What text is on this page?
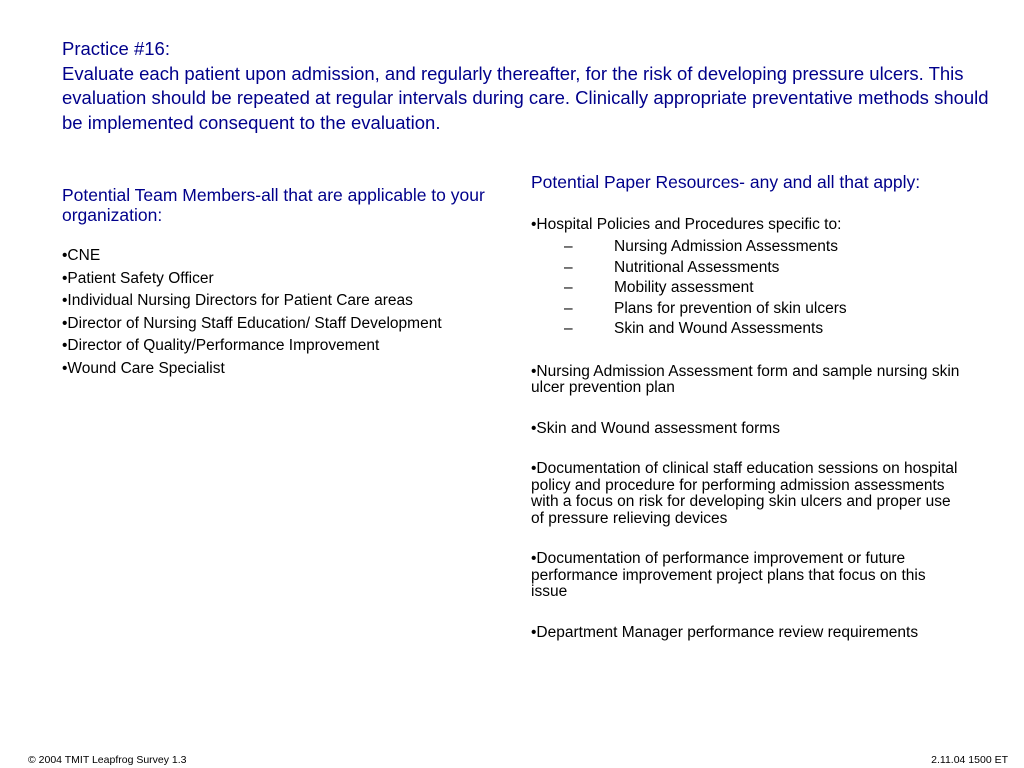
Practice #16:
Evaluate each patient upon admission, and regularly thereafter, for the risk of developing pressure ulcers. This evaluation should be repeated at regular intervals during care. Clinically appropriate preventative methods should be implemented consequent to the evaluation.
Potential Team Members-all that are applicable to your organization:
•CNE
•Patient Safety Officer
•Individual Nursing Directors for Patient Care areas
•Director of Nursing Staff Education/ Staff Development
•Director of Quality/Performance Improvement
•Wound Care Specialist
Potential Paper Resources- any and all that apply:
•Hospital Policies and Procedures specific to:
–	Nursing Admission Assessments
–	Nutritional Assessments
–	Mobility assessment
–	Plans for prevention of skin ulcers
–	Skin and Wound Assessments
•Nursing Admission Assessment form and sample nursing skin ulcer prevention plan
•Skin and Wound assessment forms
•Documentation of clinical staff education sessions on hospital policy and procedure for performing admission assessments with a focus on risk for developing skin ulcers and proper use of pressure relieving devices
•Documentation of performance improvement or future performance improvement project plans that focus on this issue
•Department Manager performance review requirements
© 2004 TMIT Leapfrog Survey 1.3	2.11.04 1500 ET
